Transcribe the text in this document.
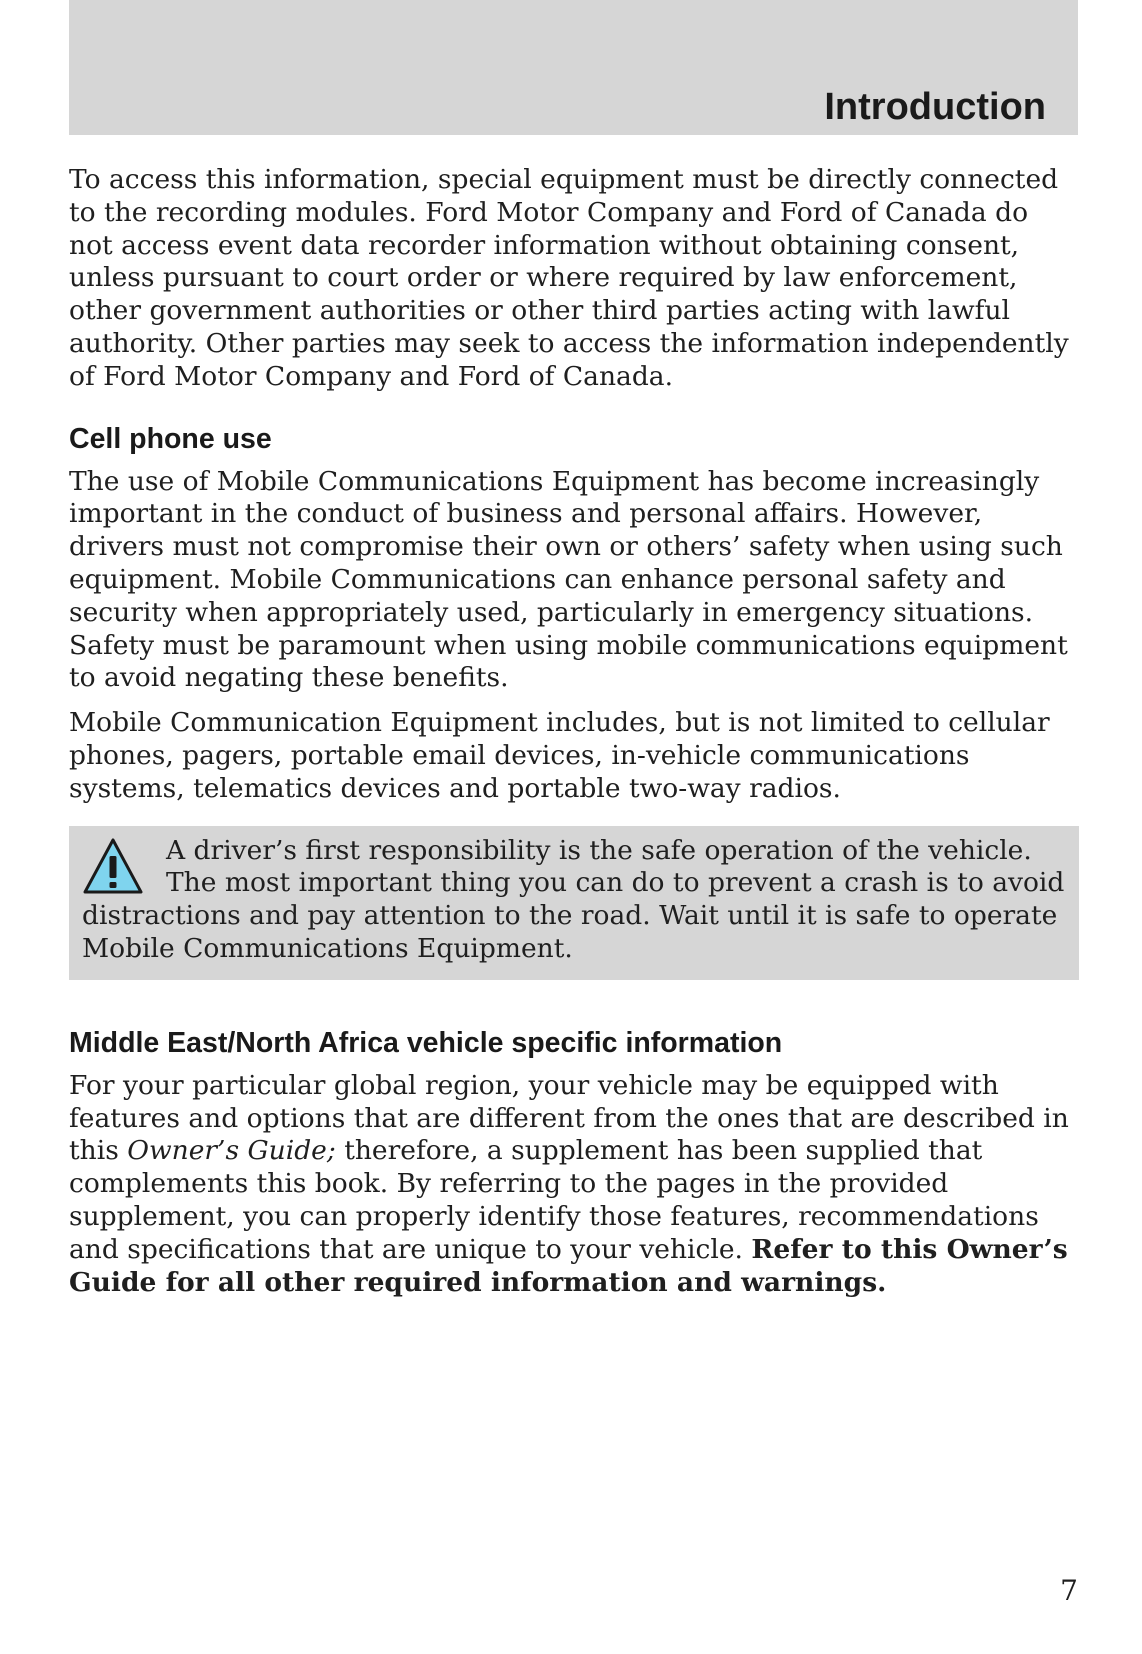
Introduction

To access this information, special equipment must be directly connected to the recording modules. Ford Motor Company and Ford of Canada do not access event data recorder information without obtaining consent, unless pursuant to court order or where required by law enforcement, other government authorities or other third parties acting with lawful authority. Other parties may seek to access the information independently of Ford Motor Company and Ford of Canada.

Cell phone use

The use of Mobile Communications Equipment has become increasingly important in the conduct of business and personal affairs. However, drivers must not compromise their own or others’ safety when using such equipment. Mobile Communications can enhance personal safety and security when appropriately used, particularly in emergency situations. Safety must be paramount when using mobile communications equipment to avoid negating these benefits.

Mobile Communication Equipment includes, but is not limited to cellular phones, pagers, portable email devices, in-vehicle communications systems, telematics devices and portable two-way radios.

A driver’s first responsibility is the safe operation of the vehicle. The most important thing you can do to prevent a crash is to avoid distractions and pay attention to the road. Wait until it is safe to operate Mobile Communications Equipment.

Middle East/North Africa vehicle specific information

For your particular global region, your vehicle may be equipped with features and options that are different from the ones that are described in this Owner’s Guide; therefore, a supplement has been supplied that complements this book. By referring to the pages in the provided supplement, you can properly identify those features, recommendations and specifications that are unique to your vehicle. Refer to this Owner’s Guide for all other required information and warnings.

7
